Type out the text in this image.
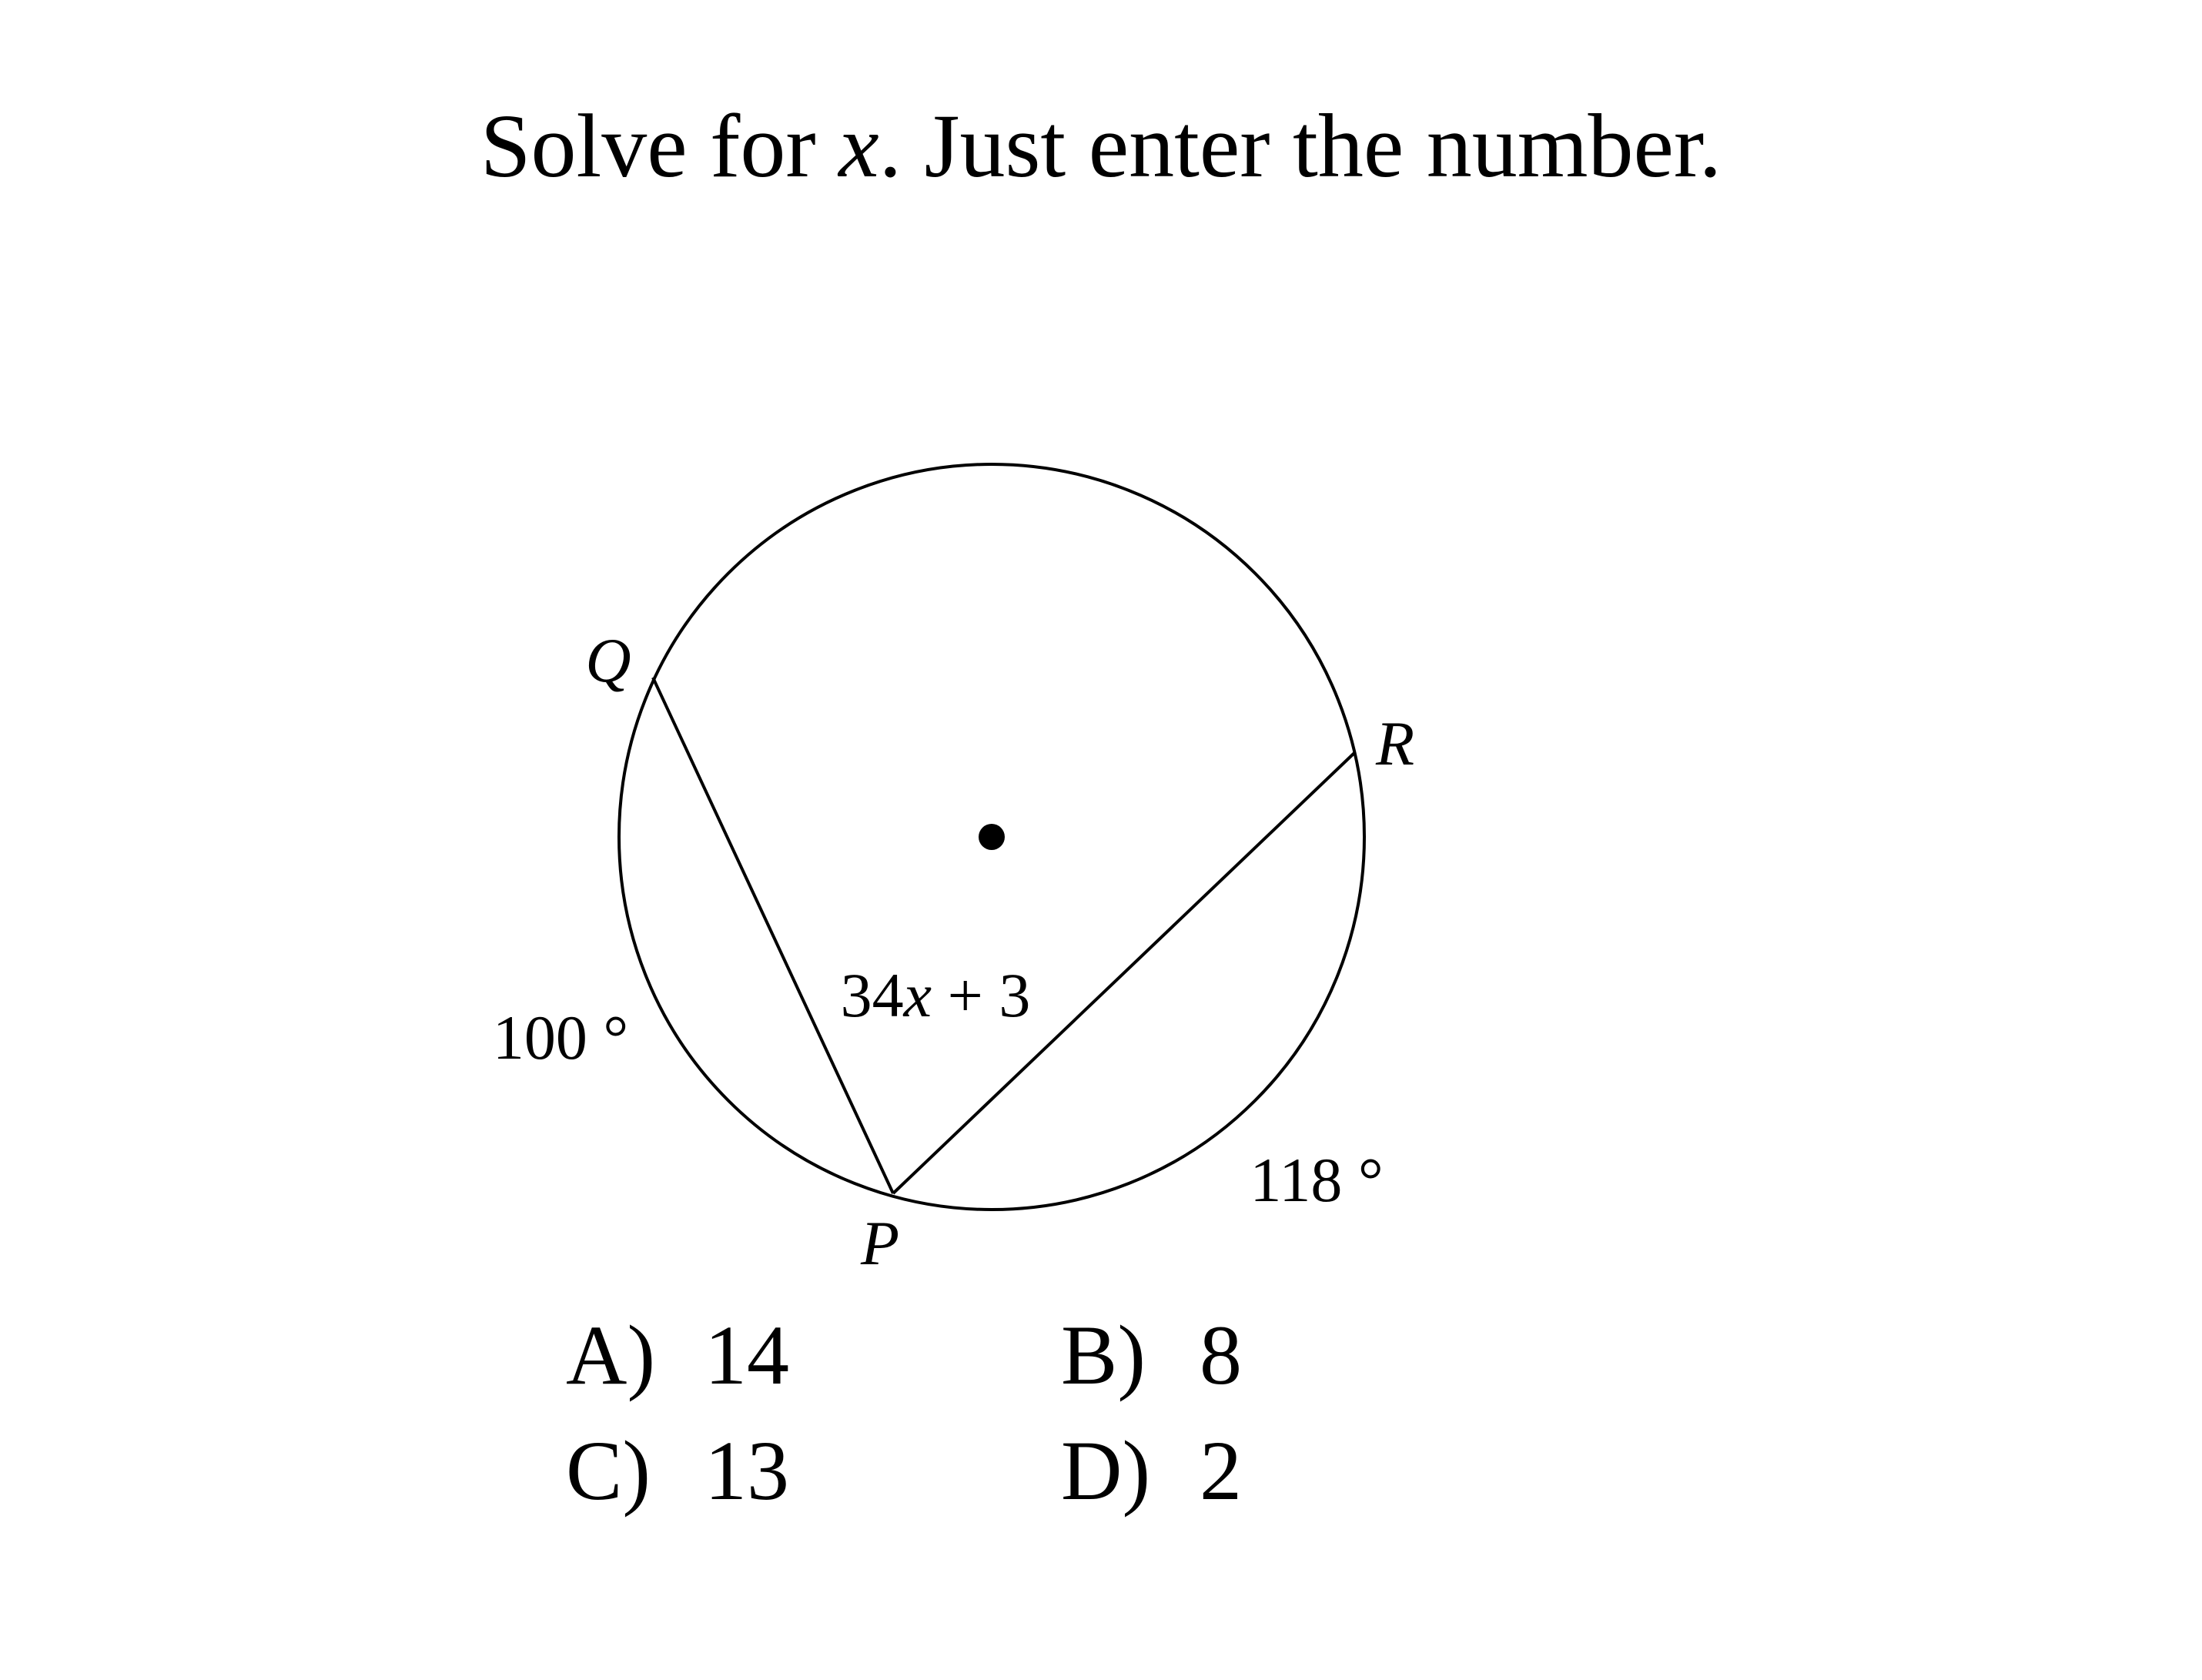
Solve for x. Just enter the number.
Q
R
P
100 °
118 °
34x + 3
A) 14	B) 8
C) 13	D) 2
